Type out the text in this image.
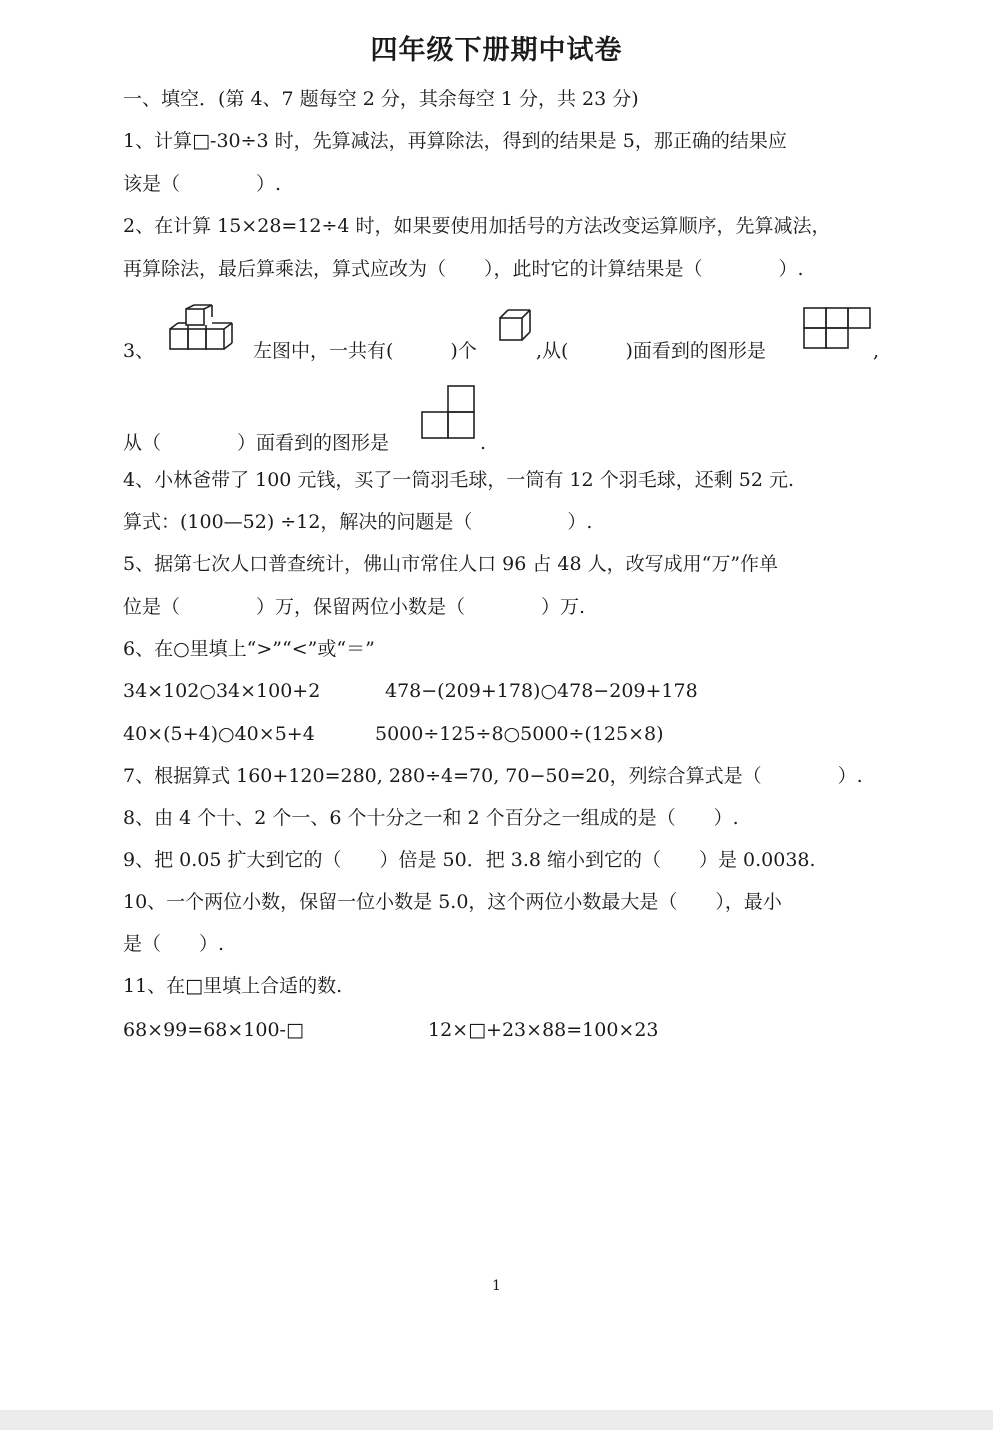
四年级下册期中试卷
一、填空．(第 4、7 题每空 2 分，其余每空 1 分，共 23 分)
1、计算□-30÷3 时，先算减法，再算除法，得到的结果是 5，那正确的结果应
该是（　　　　）.
2、在计算 15×28=12÷4 时，如果要使用加括号的方法改变运算顺序，先算减法，
再算除法，最后算乘法，算式应改为（　　），此时它的计算结果是（　　　　）.
3、	左图中，一共有(　　　)个	,从(　　　)面看到的图形是	,
从（　　　　）面看到的图形是	.
4、小林爸带了 100 元钱，买了一筒羽毛球，一筒有 12 个羽毛球，还剩 52 元.
算式：(100—52) ÷12，解决的问题是（　　　　　）.
5、据第七次人口普查统计，佛山市常住人口 96 占 48 人，改写成用“万”作单
位是（　　　　）万，保留两位小数是（　　　　）万.
6、在○里填上“>”“<”或“＝”
34×102○34×100+2	478−(209+178)○478−209+178
40×(5+4)○40×5+4	5000÷125÷8○5000÷(125×8)
7、根据算式 160+120=280, 280÷4=70, 70−50=20，列综合算式是（　　　　）.
8、由 4 个十、2 个一、6 个十分之一和 2 个百分之一组成的是（　　）.
9、把 0.05 扩大到它的（　　）倍是 50．把 3.8 缩小到它的（　　）是 0.0038.
10、一个两位小数，保留一位小数是 5.0，这个两位小数最大是（　　），最小
是（　　）.
11、在□里填上合适的数.
68×99=68×100-□	12×□+23×88=100×23
1
